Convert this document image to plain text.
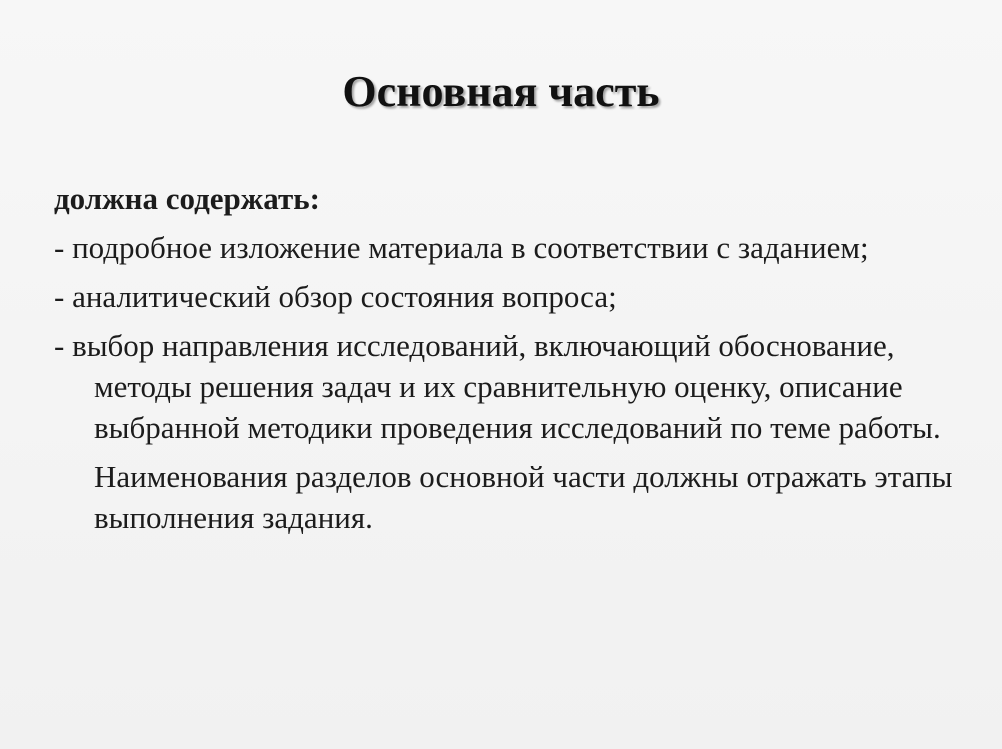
Основная часть
должна содержать:
- подробное изложение материала в соответствии с заданием;
- аналитический обзор состояния вопроса;
- выбор направления исследований, включающий обоснование, методы решения задач и их сравнительную оценку, описание выбранной методики проведения исследований по теме работы.
Наименования разделов основной части должны отражать этапы выполнения задания.
